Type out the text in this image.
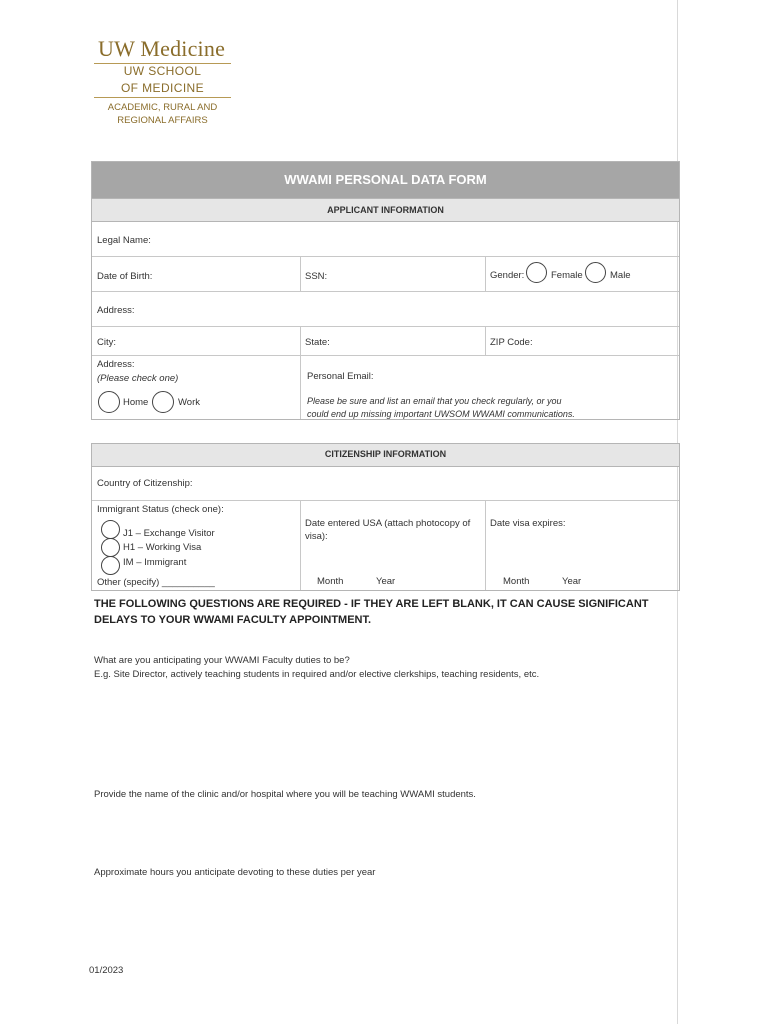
UW Medicine
UW SCHOOL
OF MEDICINE
ACADEMIC, RURAL AND
REGIONAL AFFAIRS
WWAMI PERSONAL DATA FORM
APPLICANT INFORMATION
Legal Name:
Date of Birth:	SSN:	Gender:	Female	Male
Address:
City:	State:	ZIP Code:
Address:
(Please check one)
Home	Work
Personal Email:
Please be sure and list an email that you check regularly, or you
could end up missing important UWSOM WWAMI communications.
CITIZENSHIP INFORMATION
Country of Citizenship:
Immigrant Status (check one):
J1 – Exchange Visitor
H1 – Working Visa
IM – Immigrant
Other (specify) __________
Date entered USA (attach photocopy of
visa):
Month	Year
Date visa expires:
Month	Year
THE FOLLOWING QUESTIONS ARE REQUIRED - IF THEY ARE LEFT BLANK, IT CAN CAUSE SIGNIFICANT
DELAYS TO YOUR WWAMI FACULTY APPOINTMENT.
What are you anticipating your WWAMI Faculty duties to be?
E.g. Site Director, actively teaching students in required and/or elective clerkships, teaching residents, etc.
Provide the name of the clinic and/or hospital where you will be teaching WWAMI students.
Approximate hours you anticipate devoting to these duties per year
01/2023
